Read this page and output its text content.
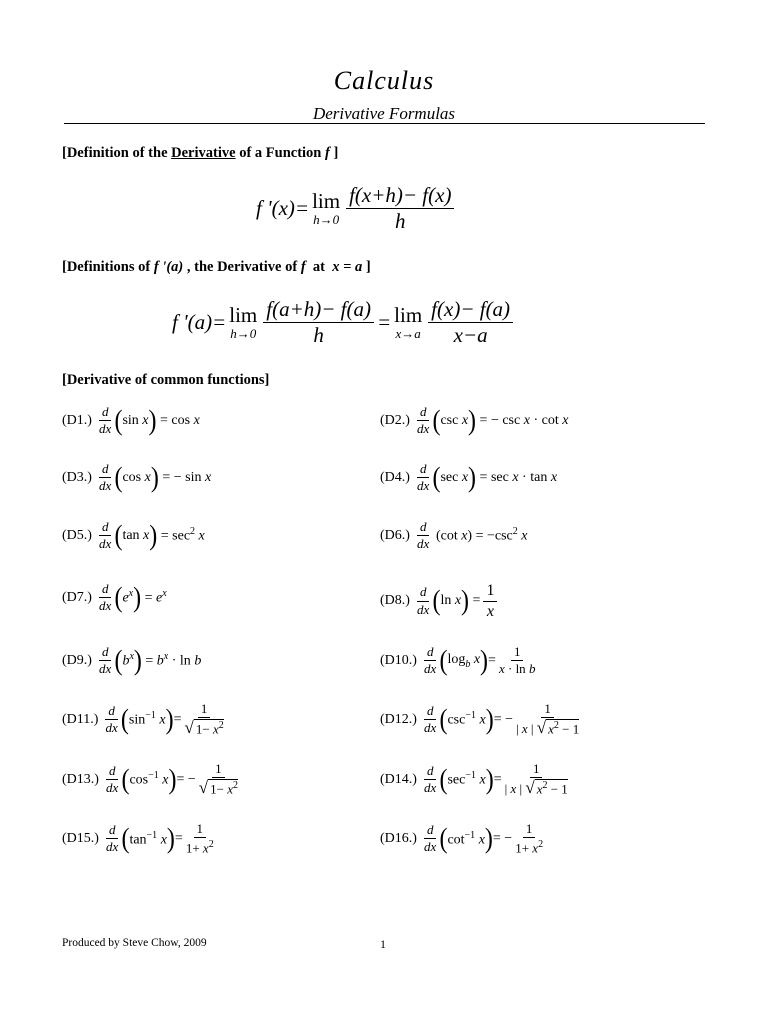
Calculus
Derivative Formulas
[Definition of the Derivative of a Function f ]
f '(x)= lim
$h\to 0 \frac{f(x+h)- f(x)}{h}$
[Definitions of f '(a) , the Derivative of f  at  x = a ]
f '(a)= lim
$h\to 0 \frac{f(a+h)- f(a)}{h} = \lim$
$x\to a \frac{f(x)- f(a)}{x-a}$
[Derivative of common functions]
$(D1.) \frac{d}{dx}$ ( sin x ) = cos x	$(D2.) \frac{d}{dx}$ ( csc x ) = − csc x · cot x
$(D3.) \frac{d}{dx}$ ( cos x ) = − sin x	$(D4.) \frac{d}{dx}$ ( sec x ) = sec x · tan x
$(D5.) \frac{d}{dx}$ ( tan x ) = $\sec^2 x$	$(D6.) \frac{d}{dx} (\cot$ $x) = -\csc^2$ x
$(D7.) \frac{d}{dx}$ ( $e^x$ ) = $e^x$	$(D8.) \frac{d}{dx}$ ( ln x ) = $\frac{1}{x}$
$(D9.) \frac{d}{dx}$ ( $b^x$ ) = $b^x \cdot \ln b$	$(D10.) \frac{d}{dx}$ ( $\log_b x$ ) = $\frac{1}{\text{x · ln b}}$
$(D11.) \frac{d}{dx}$ ( $\sin^{-1} x$ ) = $\frac{1}{√ 1- x^2}$	$(D12.) \frac{d}{dx}$ ( $\csc^{-1} x$ ) = − $\frac{1}{| x | √ x^2 - 1}$
$(D13.) \frac{d}{dx}$ ( $\cos^{-1} x$ ) = − $\frac{1}{√ 1- x^2}$	$(D14.) \frac{d}{dx}$ ( $\sec^{-1} x$ ) = $\frac{1}{| x | √ x^2 - 1}$
$(D15.) \frac{d}{dx}$ ( $\tan^{-1} x$ ) = $\frac{1}{1+ x^2}$	$(D16.) \frac{d}{dx}$ ( $\cot^{-1} x$ ) = − $\frac{1}{1+ x^2}$
Produced by Steve Chow, 2009	1
